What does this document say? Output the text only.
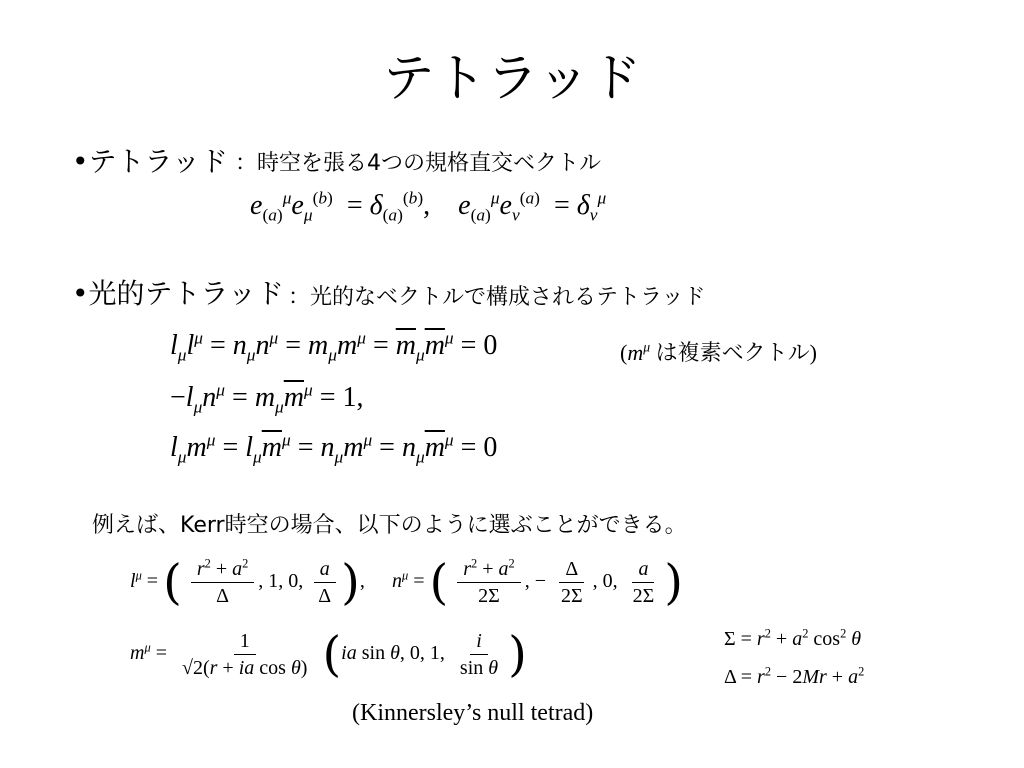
テトラッド
•テトラッド ：時空を張る4つの規格直交ベクトル
$e_{(a)}^\mu e_\mu^{(b)} = \delta_{(a)}^{(b)}$,    $e_{(a)}^\mu e_\nu^{(a)} = \delta_\nu^\mu$
•光的テトラッド ：光的なベクトルで構成されるテトラッド
$l_\mu l^\mu = n_\mu n^\mu = m_\mu m^\mu = \overline{m}_\mu\overline{m}^\mu = 0$	($m^\mu$ は複素ベクトル)
$-l_\mu n^\mu = m_\mu\overline{m}^\mu = 1$,
$l_\mu m^\mu = l_\mu\overline{m}^\mu = n_\mu m^\mu = n_\mu\overline{m}^\mu = 0$
例えば、Kerr時空の場合、以下のように選ぶことができる。
$l^\mu$ = ( $\frac{r^2 + a^2}{\Delta}$ , 1, 0, $\frac{a}{\Delta}$ ), $n^\mu$ = ( $\frac{r^2 + a^2}{2\Sigma}$ , − $\frac{\Delta}{2\Sigma}$ , 0, $\frac{a}{2\Sigma}$ )
$m^\mu = \frac{1}{\text{√2(r + ia cos θ)}} (ia$ sin θ, 0, 1, $\frac{i}{\text{sin θ}}$ )	$\Sigma = r^2 + a^2$ $\cos^2 \theta$
$\Delta = r^2 - 2Mr + a^2$
(Kinnersley’s null tetrad)
